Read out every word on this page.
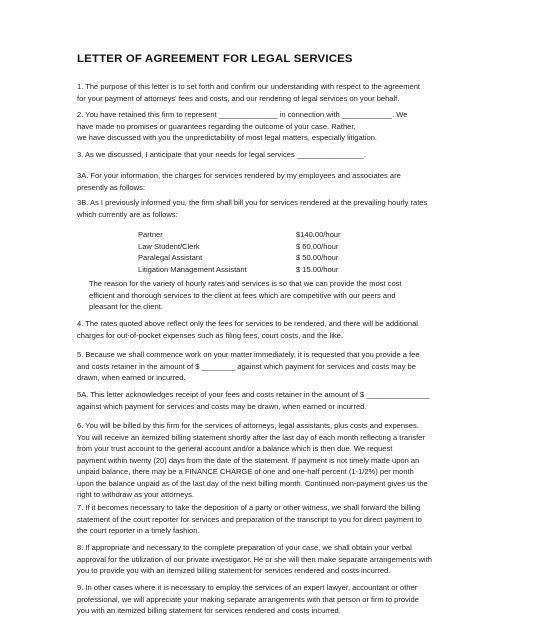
LETTER OF AGREEMENT FOR LEGAL SERVICES
1. The purpose of this letter is to set forth and confirm our understanding with respect to the agreement
for your payment of attorneys' fees and costs, and our rendering of legal services on your behalf.
2. You have retained this firm to represent ______________ in connection with ____________. We
have made no promises or guarantees regarding the outcome of your case. Rather,
we have discussed with you the unpredictability of most legal matters, especially litigation.
3. As we discussed, I anticipate that your needs for legal services ________________.
3A. For your information, the charges for services rendered by my employees and associates are
presently as follows:
3B. As I previously informed you, the firm shall bill you for services rendered at the prevailing hourly rates
which currently are as follows:
The reason for the variety of hourly rates and services is so that we can provide the most cost
efficient and thorough services to the client at fees which are competitive with our peers and
pleasant for the client.
4. The rates quoted above reflect only the fees for services to be rendered, and there will be additional
charges for out-of-pocket expenses such as filing fees, court costs, and the like.
5. Because we shall commence work on your matter immediately, it is requested that you provide a fee
and costs retainer in the amount of $ ________ against which payment for services and costs may be
drawn, when earned or incurred.
5A. This letter acknowledges receipt of your fees and costs retainer in the amount of $ _______________
against which payment for services and costs may be drawn, when earned or incurred.
6. You will be billed by this firm for the services of attorneys, legal assistants, plus costs and expenses.
You will receive an itemized billing statement shortly after the last day of each month reflecting a transfer
from your trust account to the general account and/or a balance which is then due. We request
payment within twenty (20) days from the date of the statement. If payment is not timely made upon an
unpaid balance, there may be a FINANCE CHARGE of one and one-half percent (1-1/2%) per month
upon the balance unpaid as of the last day of the next billing month. Continued non-payment gives us the
right to withdraw as your attorneys.
7. If it becomes necessary to take the deposition of a party or other witness, we shall forward the billing
statement of the court reporter for services and preparation of the transcript to you for direct payment to
the court reporter in a timely fashion.
8. If appropriate and necessary to the complete preparation of your case, we shall obtain your verbal
approval for the utilization of our private investigator. He or she will then make separate arrangements with
you to provide you with an itemized billing statement for services rendered and costs incurred.
9. In other cases where it is necessary to employ the services of an expert lawyer, accountant or other
professional, we will appreciate your making separate arrangements with that person or firm to provide
you with an itemized billing statement for services rendered and costs incurred.
Partner	$140.00/hour
Law Student/Clerk	$ 60.00/hour
Paralegal Assistant	$ 50.00/hour
Litigation Management Assistant	$ 15.00/hour
